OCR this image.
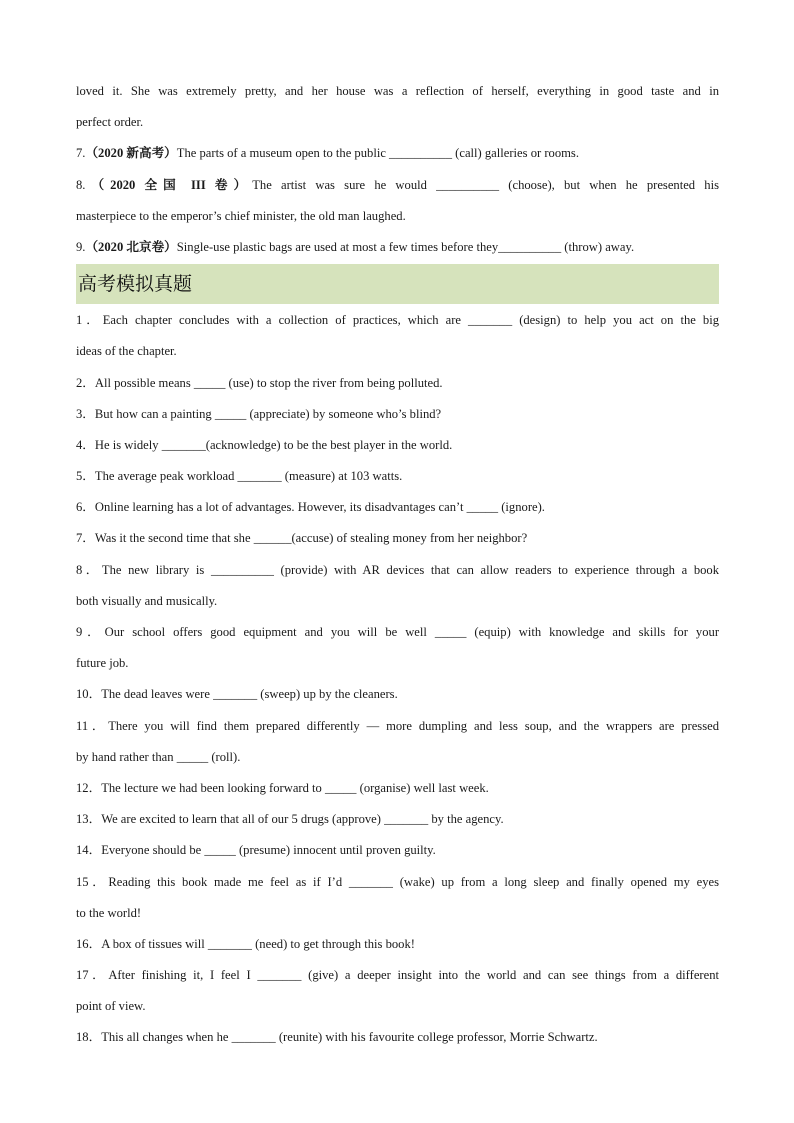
loved it. She was extremely pretty, and her house was a reflection of herself, everything in good taste and in
perfect order.
7.（2020 新高考）The parts of a museum open to the public __________ (call) galleries or rooms.
8.（2020 全国 III 卷）The artist was sure he would __________ (choose), but when he presented his
masterpiece to the emperor’s chief minister, the old man laughed.
9.（2020 北京卷）Single-use plastic bags are used at most a few times before they__________ (throw) away.
高考模拟真题
1．Each chapter concludes with a collection of practices, which are _______ (design) to help you act on the big
ideas of the chapter.
2．All possible means _____ (use) to stop the river from being polluted.
3．But how can a painting _____ (appreciate) by someone who’s blind?
4．He is widely _______(acknowledge) to be the best player in the world.
5．The average peak workload _______ (measure) at 103 watts.
6．Online learning has a lot of advantages. However, its disadvantages can’t _____ (ignore).
7．Was it the second time that she ______(accuse) of stealing money from her neighbor?
8．The new library is __________ (provide) with AR devices that can allow readers to experience through a book
both visually and musically.
9．Our school offers good equipment and you will be well _____ (equip) with knowledge and skills for your
future job.
10．The dead leaves were _______ (sweep) up by the cleaners.
11．There you will find them prepared differently — more dumpling and less soup, and the wrappers are pressed
by hand rather than _____ (roll).
12．The lecture we had been looking forward to _____ (organise) well last week.
13．We are excited to learn that all of our 5 drugs (approve) _______ by the agency.
14．Everyone should be _____ (presume) innocent until proven guilty.
15．Reading this book made me feel as if I’d _______ (wake) up from a long sleep and finally opened my eyes
to the world!
16．A box of tissues will _______ (need) to get through this book!
17．After finishing it, I feel I _______ (give) a deeper insight into the world and can see things from a different
point of view.
18．This all changes when he _______ (reunite) with his favourite college professor, Morrie Schwartz.
